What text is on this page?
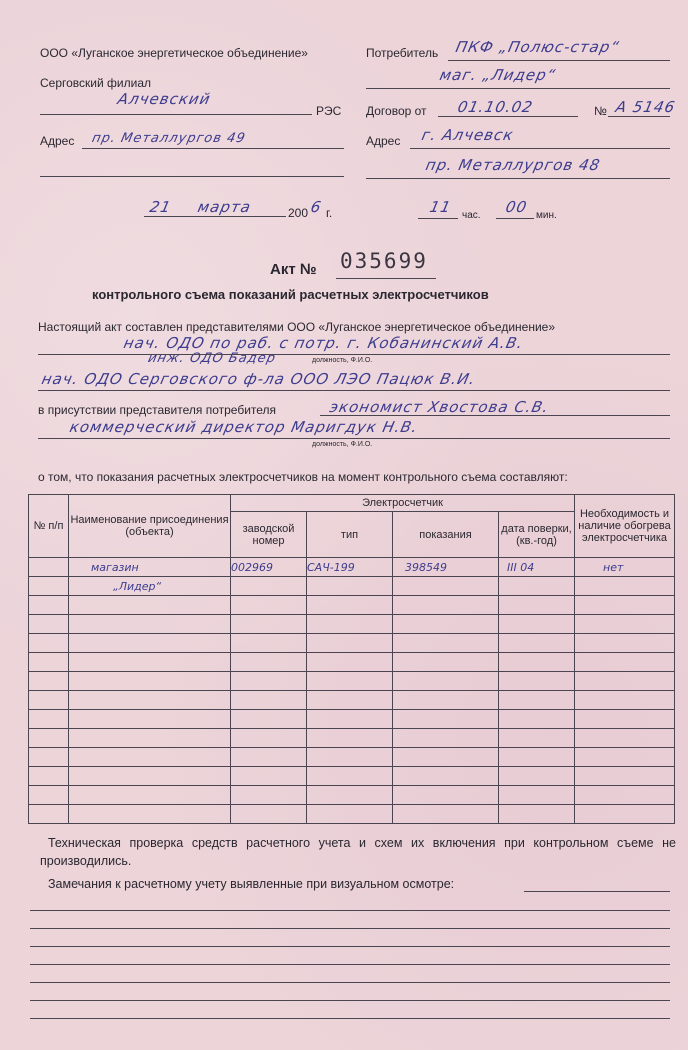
ООО «Луганское энергетическое объединение»
Серговский филиал
Алчевский
РЭС
Адрес пр. Металлургов 49
Потребитель ПКФ „Полюс-стар“
маг. „Лидер“
Договор от 01.10.02	№ А 5146
Адрес г. Алчевск
пр. Металлургов 48
21 марта	200 6 г.	11 час. 00 мин.
Акт № 035699
контрольного съема показаний расчетных электросчетчиков
Настоящий акт составлен представителями ООО «Луганское энергетическое объединение»
нач. ОДО по раб. с потр. г. Кобанинский А.В.
инж. ОДО Бадер	должность, Ф.И.О.
нач. ОДО Серговского ф-ла ООО ЛЭО Пацюк В.И.
в присутствии представителя потребителя	экономист Хвостова С.В.
коммерческий директор Маригдук Н.В.
должность, Ф.И.О.
о том, что показания расчетных электросчетчиков на момент контрольного съема составляют:
№ п/п	Наименование присоединения (объекта)	Электросчетчик				Необходимость и наличие обогрева электросчетчика
		заводской номер	тип	показания	дата поверки, (кв.-год)	
	магазин	002969	САЧ-199	398549	III 04	нет
	„Лидер“					

Техническая проверка средств расчетного учета и схем их включения при контрольном съеме не производились.
Замечания к расчетному учету выявленные при визуальном осмотре:
